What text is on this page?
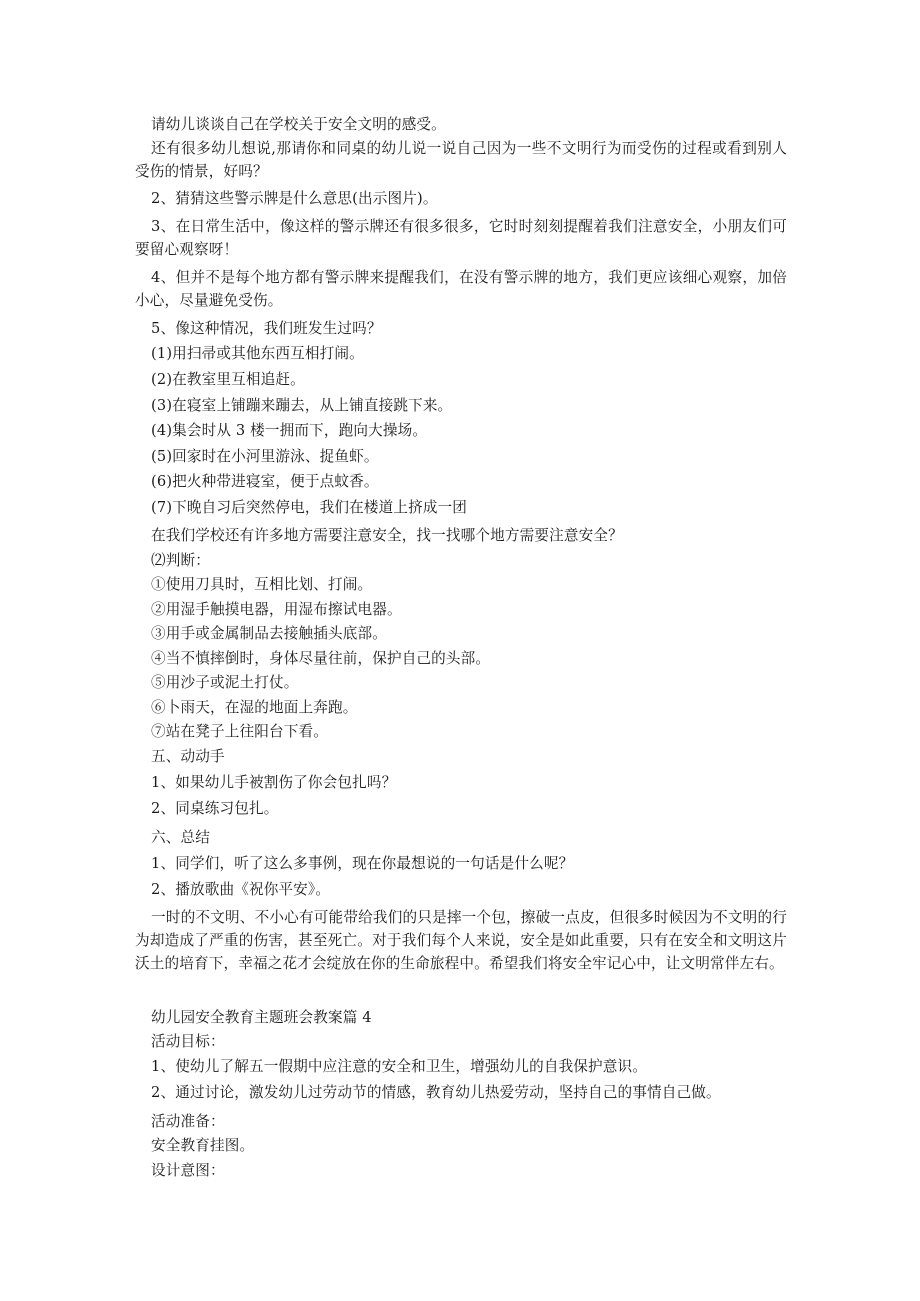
请幼儿谈谈自己在学校关于安全文明的感受。

还有很多幼儿想说,那请你和同桌的幼儿说一说自己因为一些不文明行为而受伤的过程或看到别人受伤的情景，好吗？

2、猜猜这些警示牌是什么意思(出示图片)。

3、在日常生活中，像这样的警示牌还有很多很多，它时时刻刻提醒着我们注意安全，小朋友们可要留心观察呀！

4、但并不是每个地方都有警示牌来提醒我们，在没有警示牌的地方，我们更应该细心观察，加倍小心，尽量避免受伤。

5、像这种情况，我们班发生过吗？

(1)用扫帚或其他东西互相打闹。

(2)在教室里互相追赶。

(3)在寝室上铺蹦来蹦去，从上铺直接跳下来。

(4)集会时从 3 楼一拥而下，跑向大操场。

(5)回家时在小河里游泳、捉鱼虾。

(6)把火种带进寝室，便于点蚊香。

(7)下晚自习后突然停电，我们在楼道上挤成一团

在我们学校还有许多地方需要注意安全，找一找哪个地方需要注意安全？

⑵判断：

①使用刀具时，互相比划、打闹。

②用湿手触摸电器，用湿布擦试电器。

③用手或金属制品去接触插头底部。

④当不慎摔倒时，身体尽量往前，保护自己的头部。

⑤用沙子或泥土打仗。

⑥卜雨天，在湿的地面上奔跑。

⑦站在凳子上往阳台下看。

五、动动手

1、如果幼儿手被割伤了你会包扎吗？

2、同桌练习包扎。

六、总结

1、同学们，听了这么多事例，现在你最想说的一句话是什么呢？

2、播放歌曲《祝你平安》。

一时的不文明、不小心有可能带给我们的只是摔一个包，擦破一点皮，但很多时候因为不文明的行为却造成了严重的伤害，甚至死亡。对于我们每个人来说，安全是如此重要，只有在安全和文明这片沃土的培育下，幸福之花才会绽放在你的生命旅程中。希望我们将安全牢记心中，让文明常伴左右。

幼儿园安全教育主题班会教案篇 4

活动目标：

1、使幼儿了解五一假期中应注意的安全和卫生，增强幼儿的自我保护意识。

2、通过讨论，激发幼儿过劳动节的情感，教育幼儿热爱劳动，坚持自己的事情自己做。

活动准备：

安全教育挂图。

设计意图：
